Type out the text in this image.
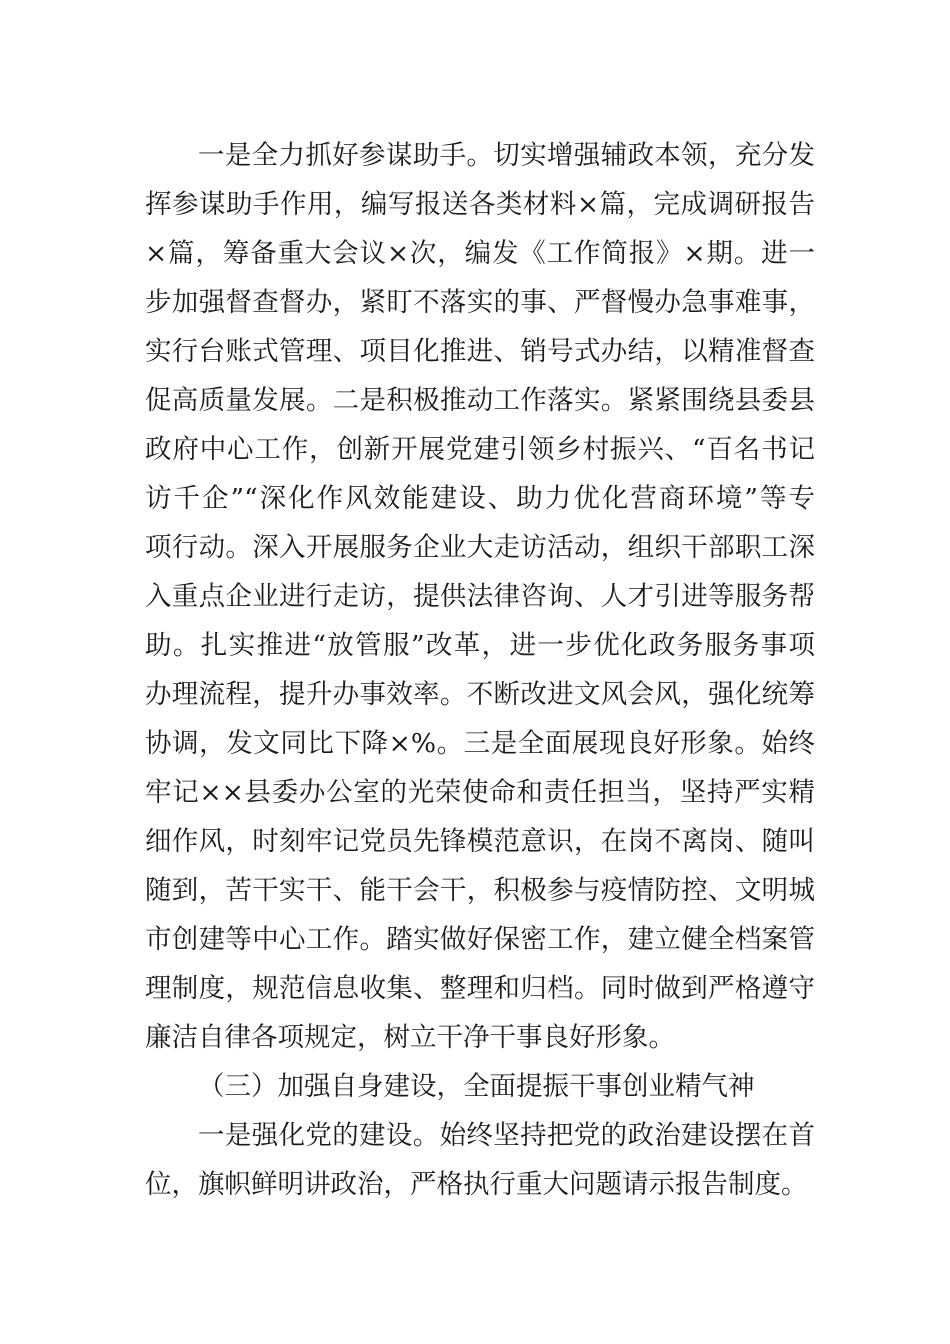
一是全力抓好参谋助手。切实增强辅政本领，充分发
挥参谋助手作用，编写报送各类材料×篇，完成调研报告
×篇，筹备重大会议×次，编发《工作简报》×期。进一
步加强督查督办，紧盯不落实的事、严督慢办急事难事，
实行台账式管理、项目化推进、销号式办结，以精准督查
促高质量发展。二是积极推动工作落实。紧紧围绕县委县
政府中心工作，创新开展党建引领乡村振兴、“百名书记
访千企”“深化作风效能建设、助力优化营商环境”等专
项行动。深入开展服务企业大走访活动，组织干部职工深
入重点企业进行走访，提供法律咨询、人才引进等服务帮
助。扎实推进“放管服”改革，进一步优化政务服务事项
办理流程，提升办事效率。不断改进文风会风，强化统筹
协调，发文同比下降×%。三是全面展现良好形象。始终
牢记××县委办公室的光荣使命和责任担当，坚持严实精
细作风，时刻牢记党员先锋模范意识，在岗不离岗、随叫
随到，苦干实干、能干会干，积极参与疫情防控、文明城
市创建等中心工作。踏实做好保密工作，建立健全档案管
理制度，规范信息收集、整理和归档。同时做到严格遵守
廉洁自律各项规定，树立干净干事良好形象。
（三）加强自身建设，全面提振干事创业精气神
一是强化党的建设。始终坚持把党的政治建设摆在首
位，旗帜鲜明讲政治，严格执行重大问题请示报告制度。
